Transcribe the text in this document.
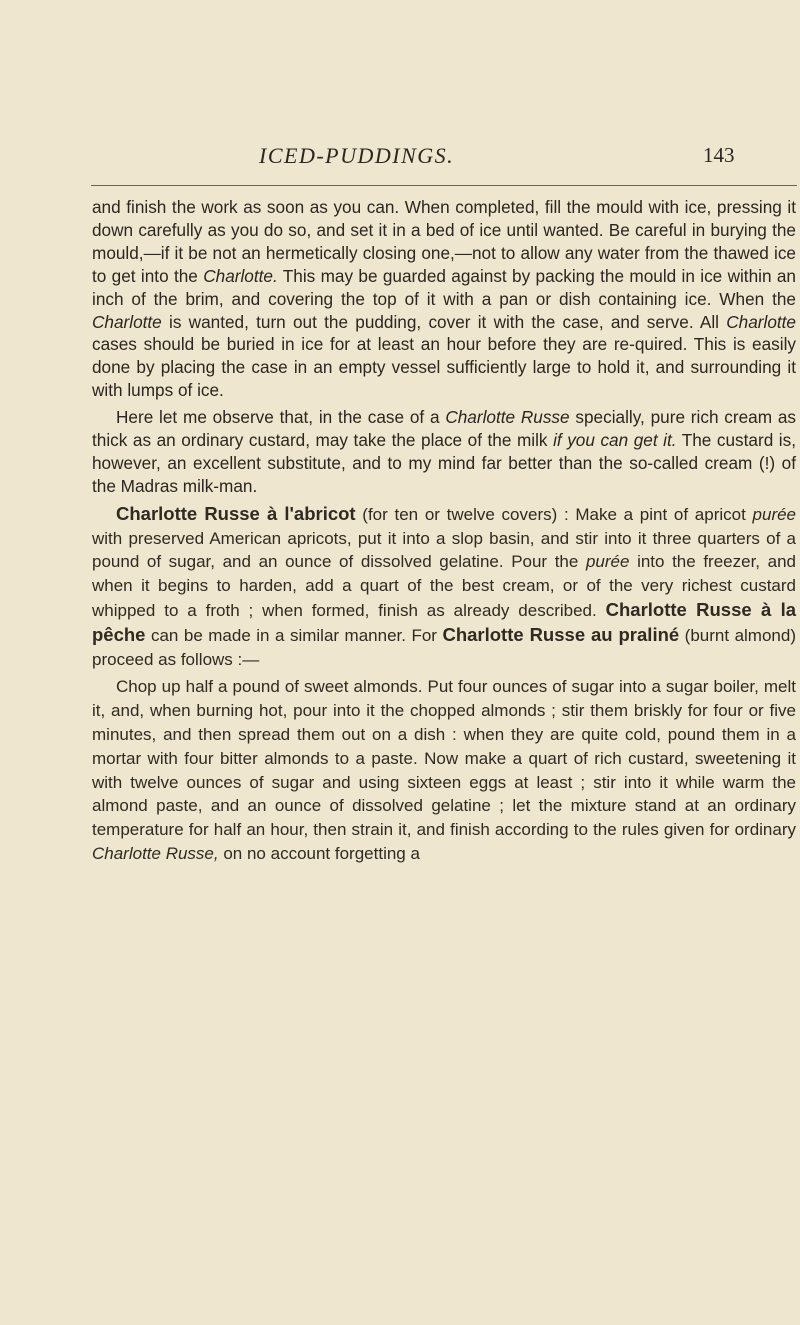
ICED-PUDDINGS.	143

and finish the work as soon as you can. When completed, fill the mould with ice, pressing it down carefully as you do so, and set it in a bed of ice until wanted. Be careful in burying the mould,—if it be not an hermetically closing one,—not to allow any water from the thawed ice to get into the Charlotte. This may be guarded against by packing the mould in ice within an inch of the brim, and covering the top of it with a pan or dish containing ice. When the Charlotte is wanted, turn out the pudding, cover it with the case, and serve. All Charlotte cases should be buried in ice for at least an hour before they are re-quired. This is easily done by placing the case in an empty vessel sufficiently large to hold it, and surrounding it with lumps of ice.

Here let me observe that, in the case of a Charlotte Russe specially, pure rich cream as thick as an ordinary custard, may take the place of the milk if you can get it. The custard is, however, an excellent substitute, and to my mind far better than the so-called cream (!) of the Madras milk-man.

Charlotte Russe à l'abricot (for ten or twelve covers) : Make a pint of apricot purée with preserved American apricots, put it into a slop basin, and stir into it three quarters of a pound of sugar, and an ounce of dissolved gelatine. Pour the purée into the freezer, and when it begins to harden, add a quart of the best cream, or of the very richest custard whipped to a froth ; when formed, finish as already described. Charlotte Russe à la pêche can be made in a similar manner. For Charlotte Russe au praliné (burnt almond) proceed as follows :—

Chop up half a pound of sweet almonds. Put four ounces of sugar into a sugar boiler, melt it, and, when burning hot, pour into it the chopped almonds ; stir them briskly for four or five minutes, and then spread them out on a dish : when they are quite cold, pound them in a mortar with four bitter almonds to a paste. Now make a quart of rich custard, sweetening it with twelve ounces of sugar and using sixteen eggs at least ; stir into it while warm the almond paste, and an ounce of dissolved gelatine ; let the mixture stand at an ordinary temperature for half an hour, then strain it, and finish according to the rules given for ordinary Charlotte Russe, on no account forgetting a
